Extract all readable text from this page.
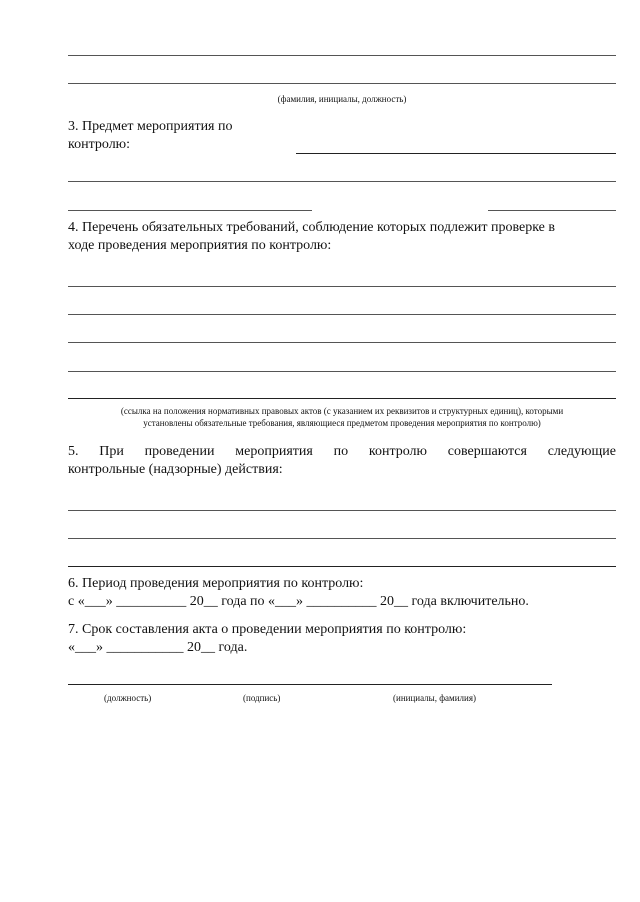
(фамилия, инициалы, должность)
3. Предмет мероприятия по
контролю:
4. Перечень обязательных требований, соблюдение которых подлежит проверке в
ходе проведения мероприятия по контролю:
(ссылка на положения нормативных правовых актов (с указанием их реквизитов и структурных единиц), которыми
установлены обязательные требования, являющиеся предметом проведения мероприятия по контролю)
5. При проведении мероприятия по контролю совершаются следующие
контрольные (надзорные) действия:
6. Период проведения мероприятия по контролю:
с «___» __________ 20__ года по «___» __________ 20__ года включительно.
7. Срок составления акта о проведении мероприятия по контролю:
«___» ___________ 20__ года.
(должность)	(подпись)	(инициалы, фамилия)
